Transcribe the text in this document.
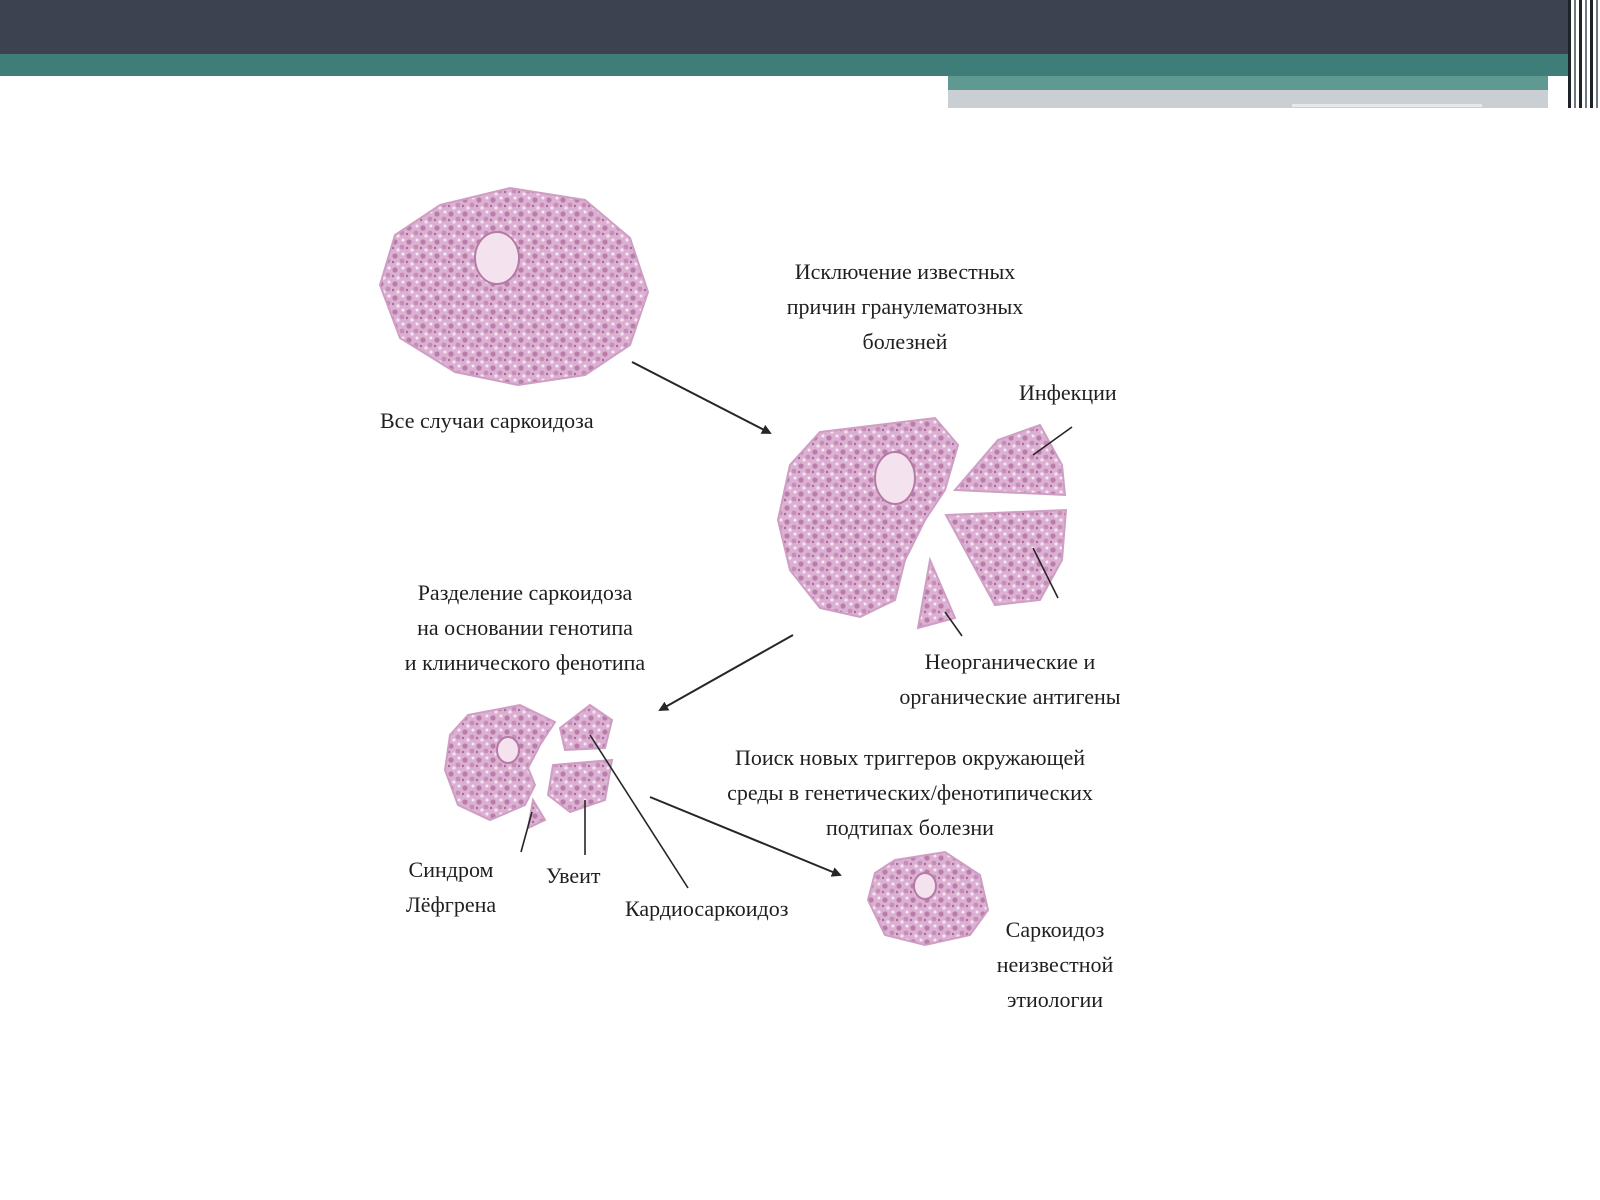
Все случаи саркоидоза

Исключение известных

причин гранулематозных

болезней

Инфекции

Неорганические и

органические антигены

Разделение саркоидоза

на основании генотипа

и клинического фенотипа

Поиск новых триггеров окружающей

среды в генетических/фенотипических

подтипах болезни

Синдром

Лёфгрена

Увеит

Кардиосаркоидоз

Саркоидоз

неизвестной

этиологии
